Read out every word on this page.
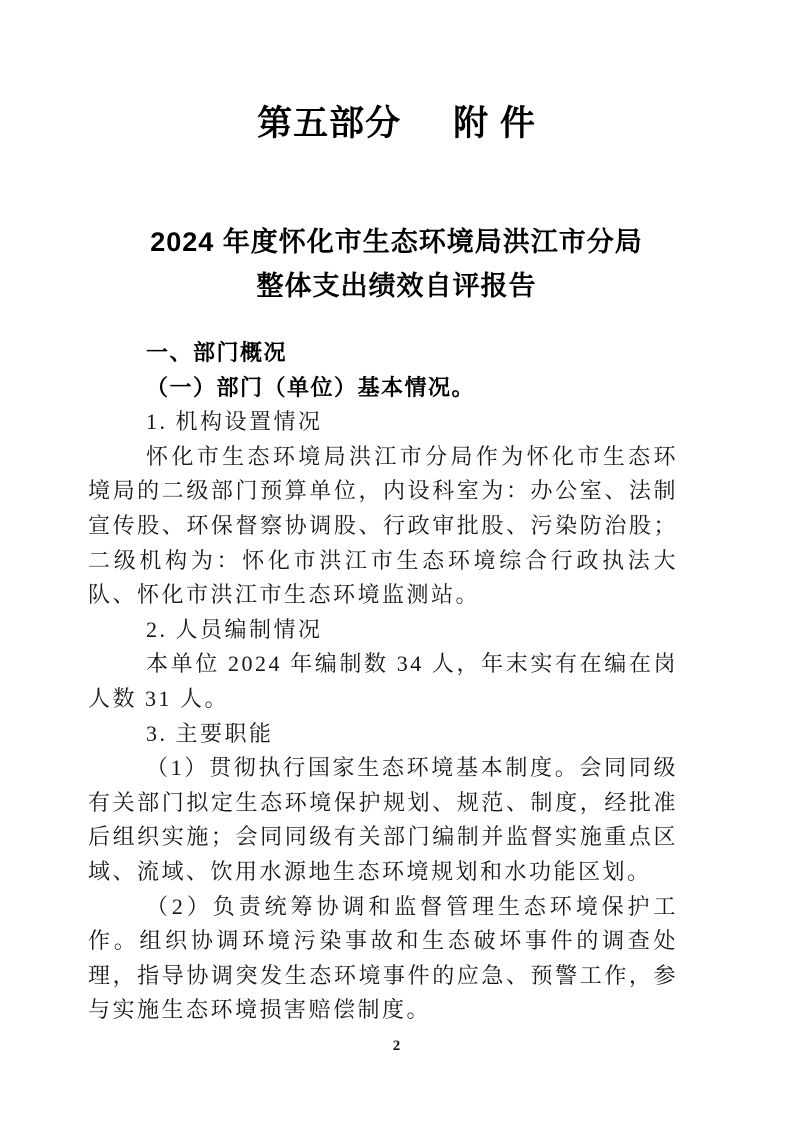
第五部分 附 件
2024 年度怀化市生态环境局洪江市分局
整体支出绩效自评报告

一、部门概况

（一）部门（单位）基本情况。

1. 机构设置情况

怀化市生态环境局洪江市分局作为怀化市生态环境局的二级部门预算单位，内设科室为：办公室、法制宣传股、环保督察协调股、行政审批股、污染防治股；二级机构为：怀化市洪江市生态环境综合行政执法大队、怀化市洪江市生态环境监测站。

2. 人员编制情况

本单位 2024 年编制数 34 人，年末实有在编在岗人数 31 人。

3. 主要职能

（1）贯彻执行国家生态环境基本制度。会同同级有关部门拟定生态环境保护规划、规范、制度，经批准后组织实施；会同同级有关部门编制并监督实施重点区域、流域、饮用水源地生态环境规划和水功能区划。

（2）负责统筹协调和监督管理生态环境保护工作。组织协调环境污染事故和生态破坏事件的调查处理，指导协调突发生态环境事件的应急、预警工作，参与实施生态环境损害赔偿制度。

2
